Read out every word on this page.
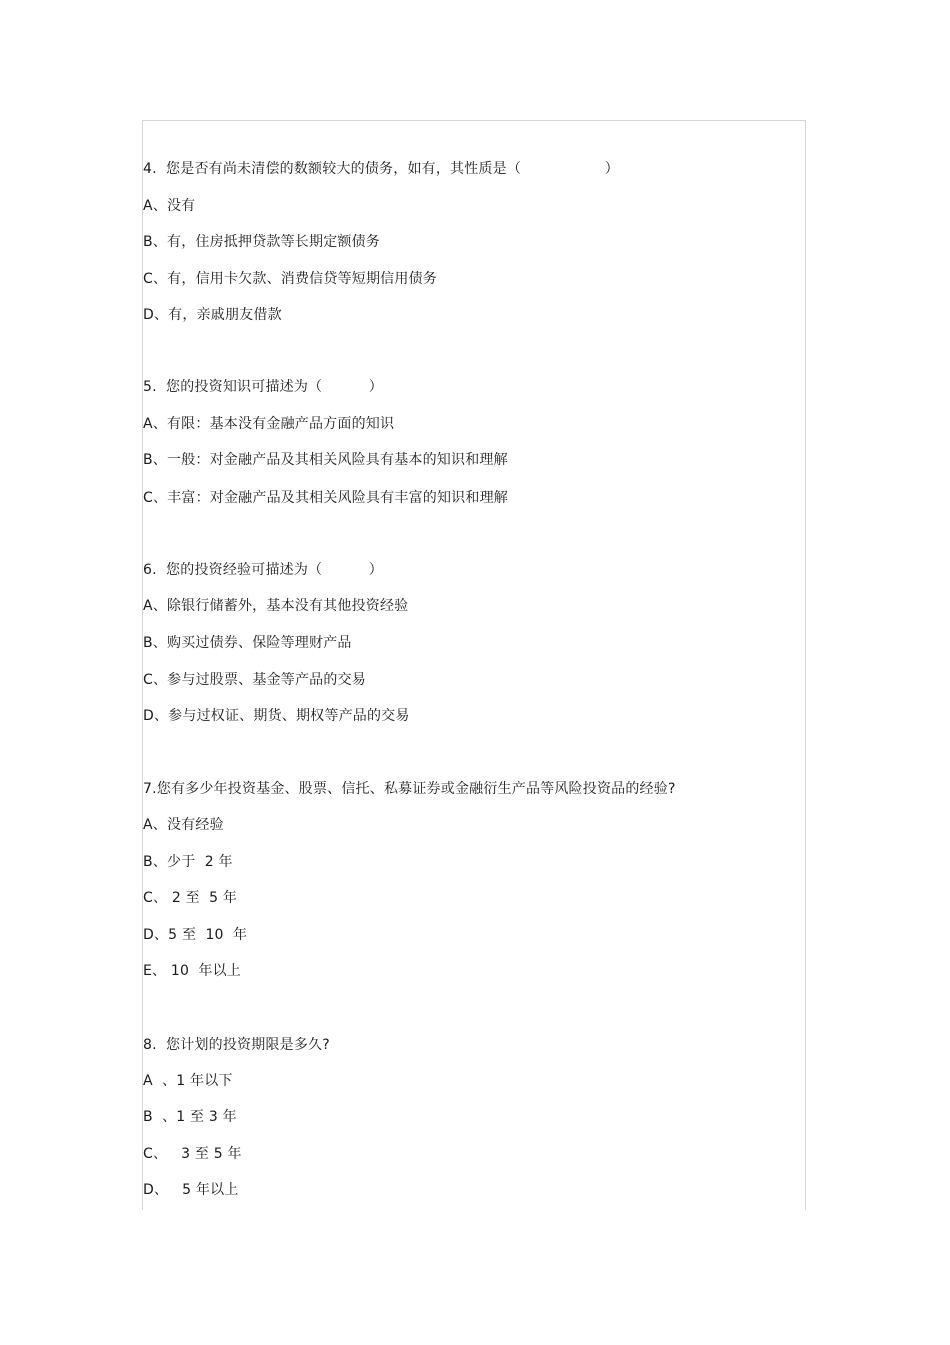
4.  您是否有尚未清偿的数额较大的债务，如有，其性质是（                  ）
A、没有
B、有，住房抵押贷款等长期定额债务
C、有，信用卡欠款、消费信贷等短期信用债务
D、有，亲戚朋友借款
5.  您的投资知识可描述为（          ）
A、有限：基本没有金融产品方面的知识
B、一般：对金融产品及其相关风险具有基本的知识和理解
C、丰富：对金融产品及其相关风险具有丰富的知识和理解
6.  您的投资经验可描述为（          ）
A、除银行储蓄外，基本没有其他投资经验
B、购买过债券、保险等理财产品
C、参与过股票、基金等产品的交易
D、参与过权证、期货、期权等产品的交易
7.您有多少年投资基金、股票、信托、私募证券或金融衍生产品等风险投资品的经验?
A、没有经验
B、少于  2 年
C、 2 至  5 年
D、5 至  10  年
E、 10  年以上
8.  您计划的投资期限是多久?
A  、1 年以下
B  、1 至 3 年
C、   3 至 5 年
D、   5 年以上
